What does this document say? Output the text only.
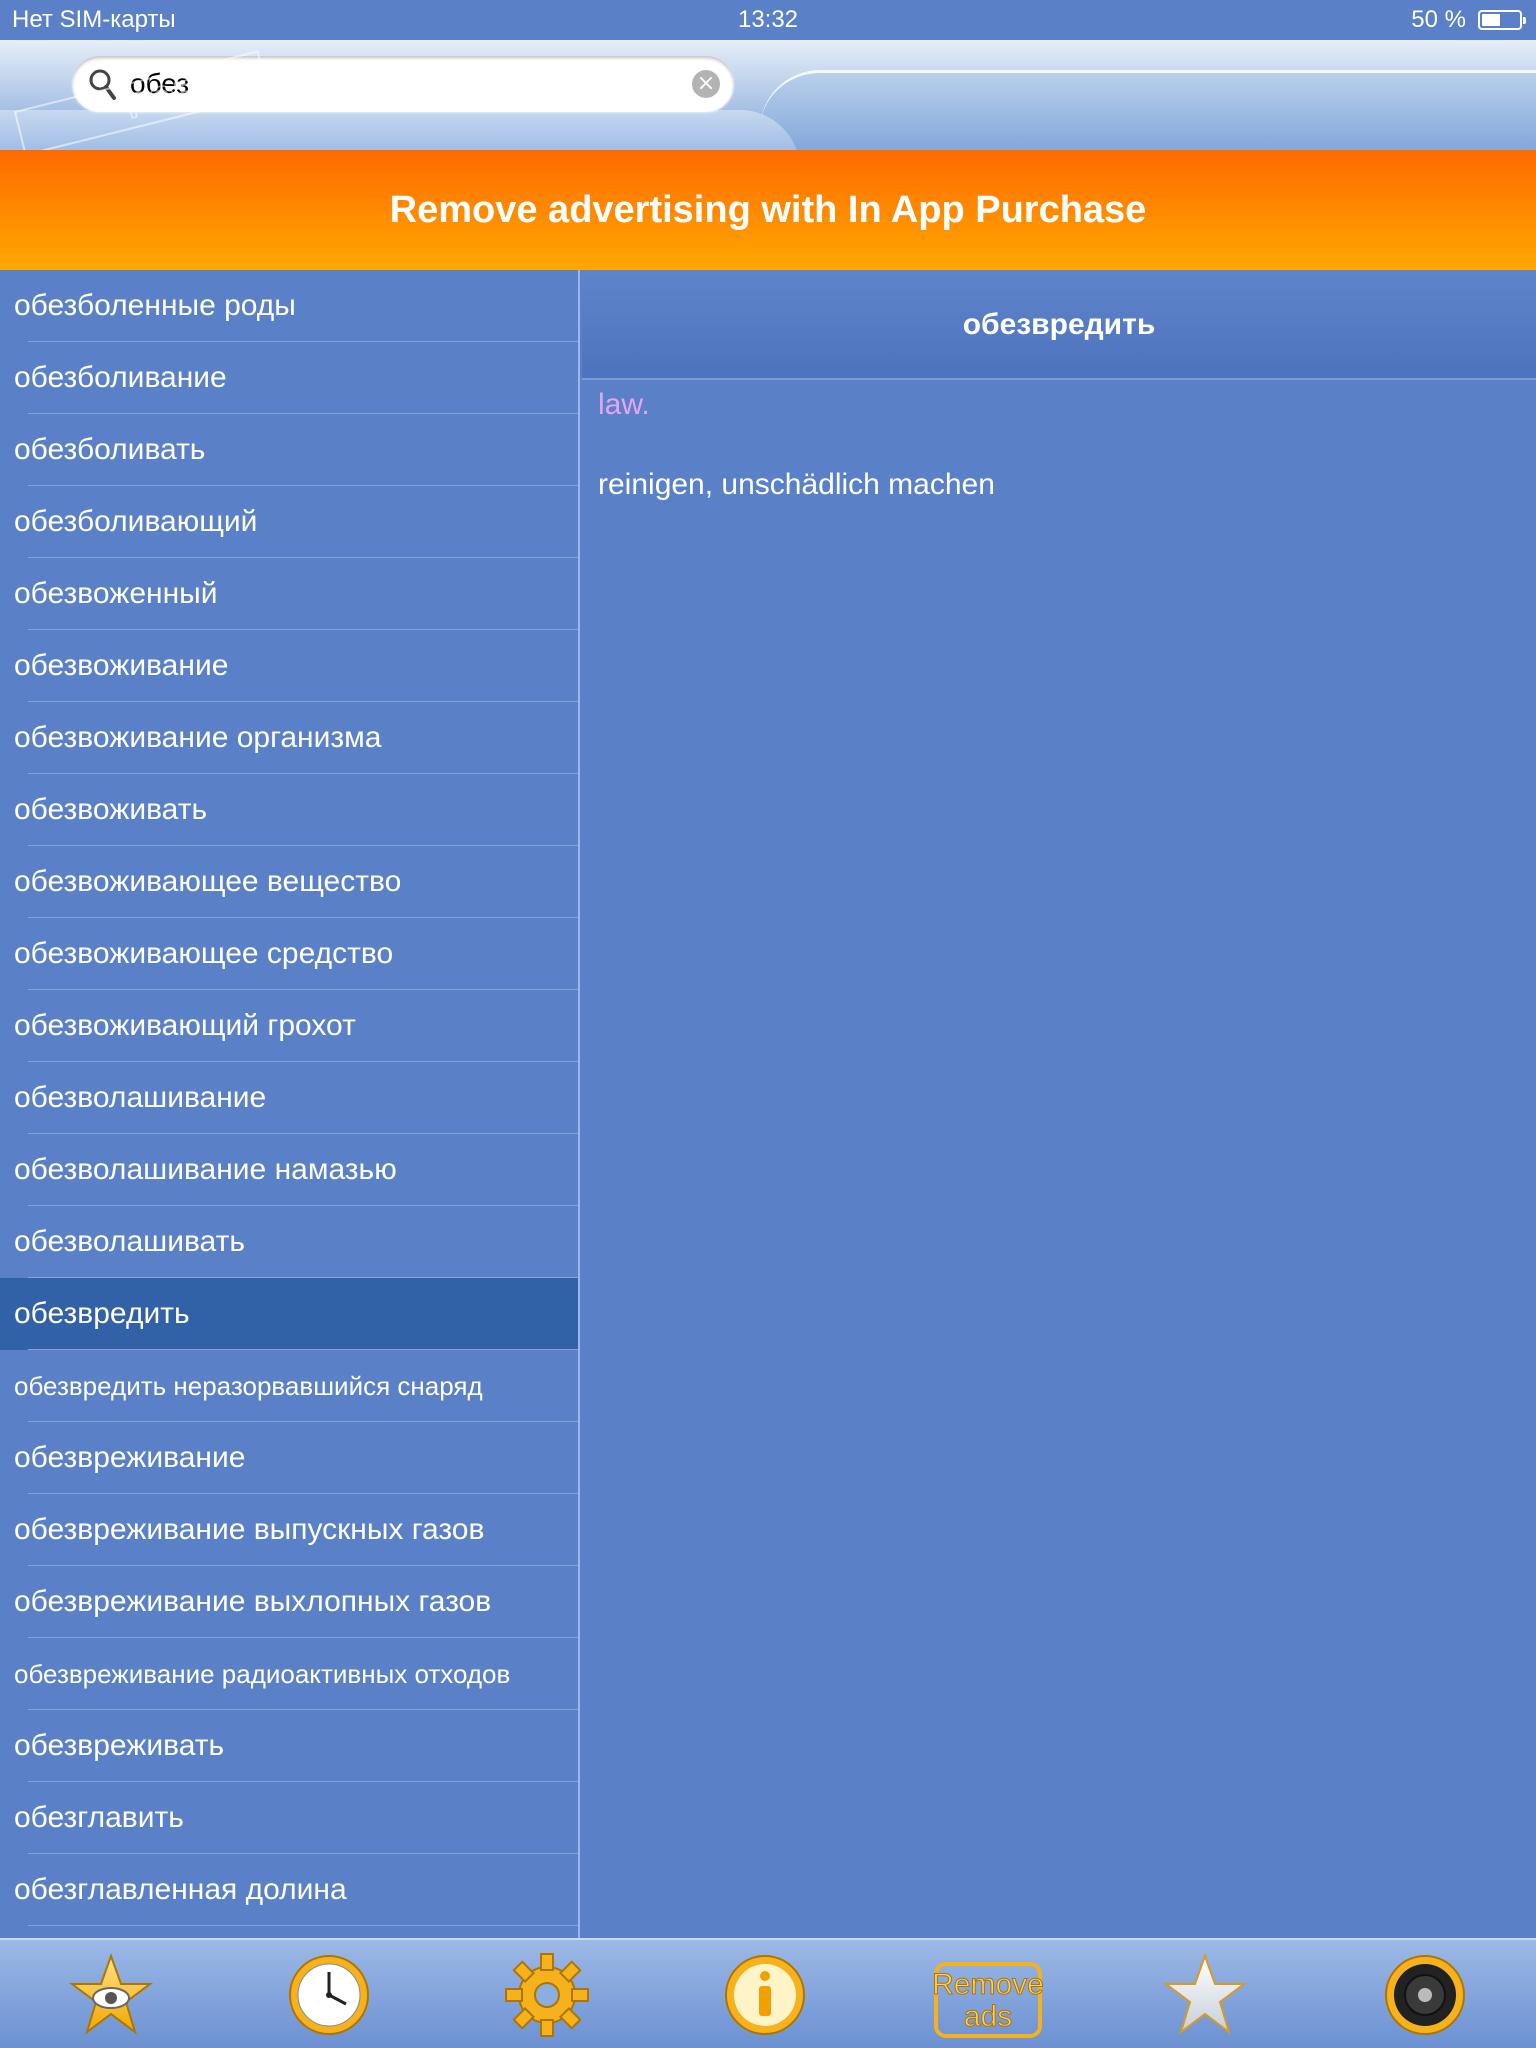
Нет SIM-карты	13:32	50 %
обез
×
PORTAL
Remove advertising with In App Purchase
обезболенные роды
обезболивание
обезболивать
обезболивающий
обезвоженный
обезвоживание
обезвоживание организма
обезвоживать
обезвоживающее вещество
обезвоживающее средство
обезвоживающий грохот
обезволашивание
обезволашивание намазью
обезволашивать
обезвредить
обезвредить неразорвавшийся снаряд
обезвреживание
обезвреживание выпускных газов
обезвреживание выхлопных газов
обезвреживание радиоактивных отходов
обезвреживать
обезглавить
обезглавленная долина
обезвредить
law.
reinigen, unschädlich machen
Remove
ads
